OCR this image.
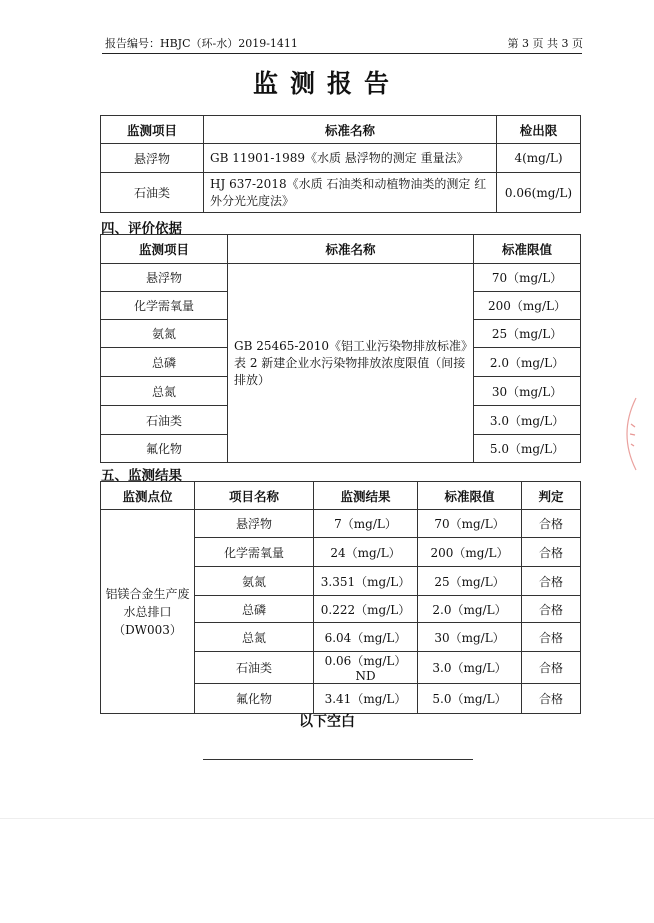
报告编号：HBJC（环-水）2019-1411	第 3 页 共 3 页
监测报告
监测项目	标准名称	检出限
悬浮物	GB 11901-1989《水质 悬浮物的测定 重量法》	4(mg/L)
石油类	HJ 637-2018《水质 石油类和动植物油类的测定 红外分光光度法》	0.06(mg/L)
四、评价依据
监测项目	标准名称	标准限值
悬浮物	GB 25465-2010《铝工业污染物排放标准》表 2 新建企业水污染物排放浓度限值（间接排放）	70（mg/L）
化学需氧量		200（mg/L）
氨氮		25（mg/L）
总磷		2.0（mg/L）
总氮		30（mg/L）
石油类		3.0（mg/L）
氟化物		5.0（mg/L）
五、监测结果
监测点位	项目名称	监测结果	标准限值	判定
铝镁合金生产废水总排口（DW003）	悬浮物	7（mg/L）	70（mg/L）	合格
	化学需氧量	24（mg/L）	200（mg/L）	合格
	氨氮	3.351（mg/L）	25（mg/L）	合格
	总磷	0.222（mg/L）	2.0（mg/L）	合格
	总氮	6.04（mg/L）	30（mg/L）	合格
	石油类	0.06（mg/L）ND	3.0（mg/L）	合格
	氟化物	3.41（mg/L）	5.0（mg/L）	合格
以下空白
